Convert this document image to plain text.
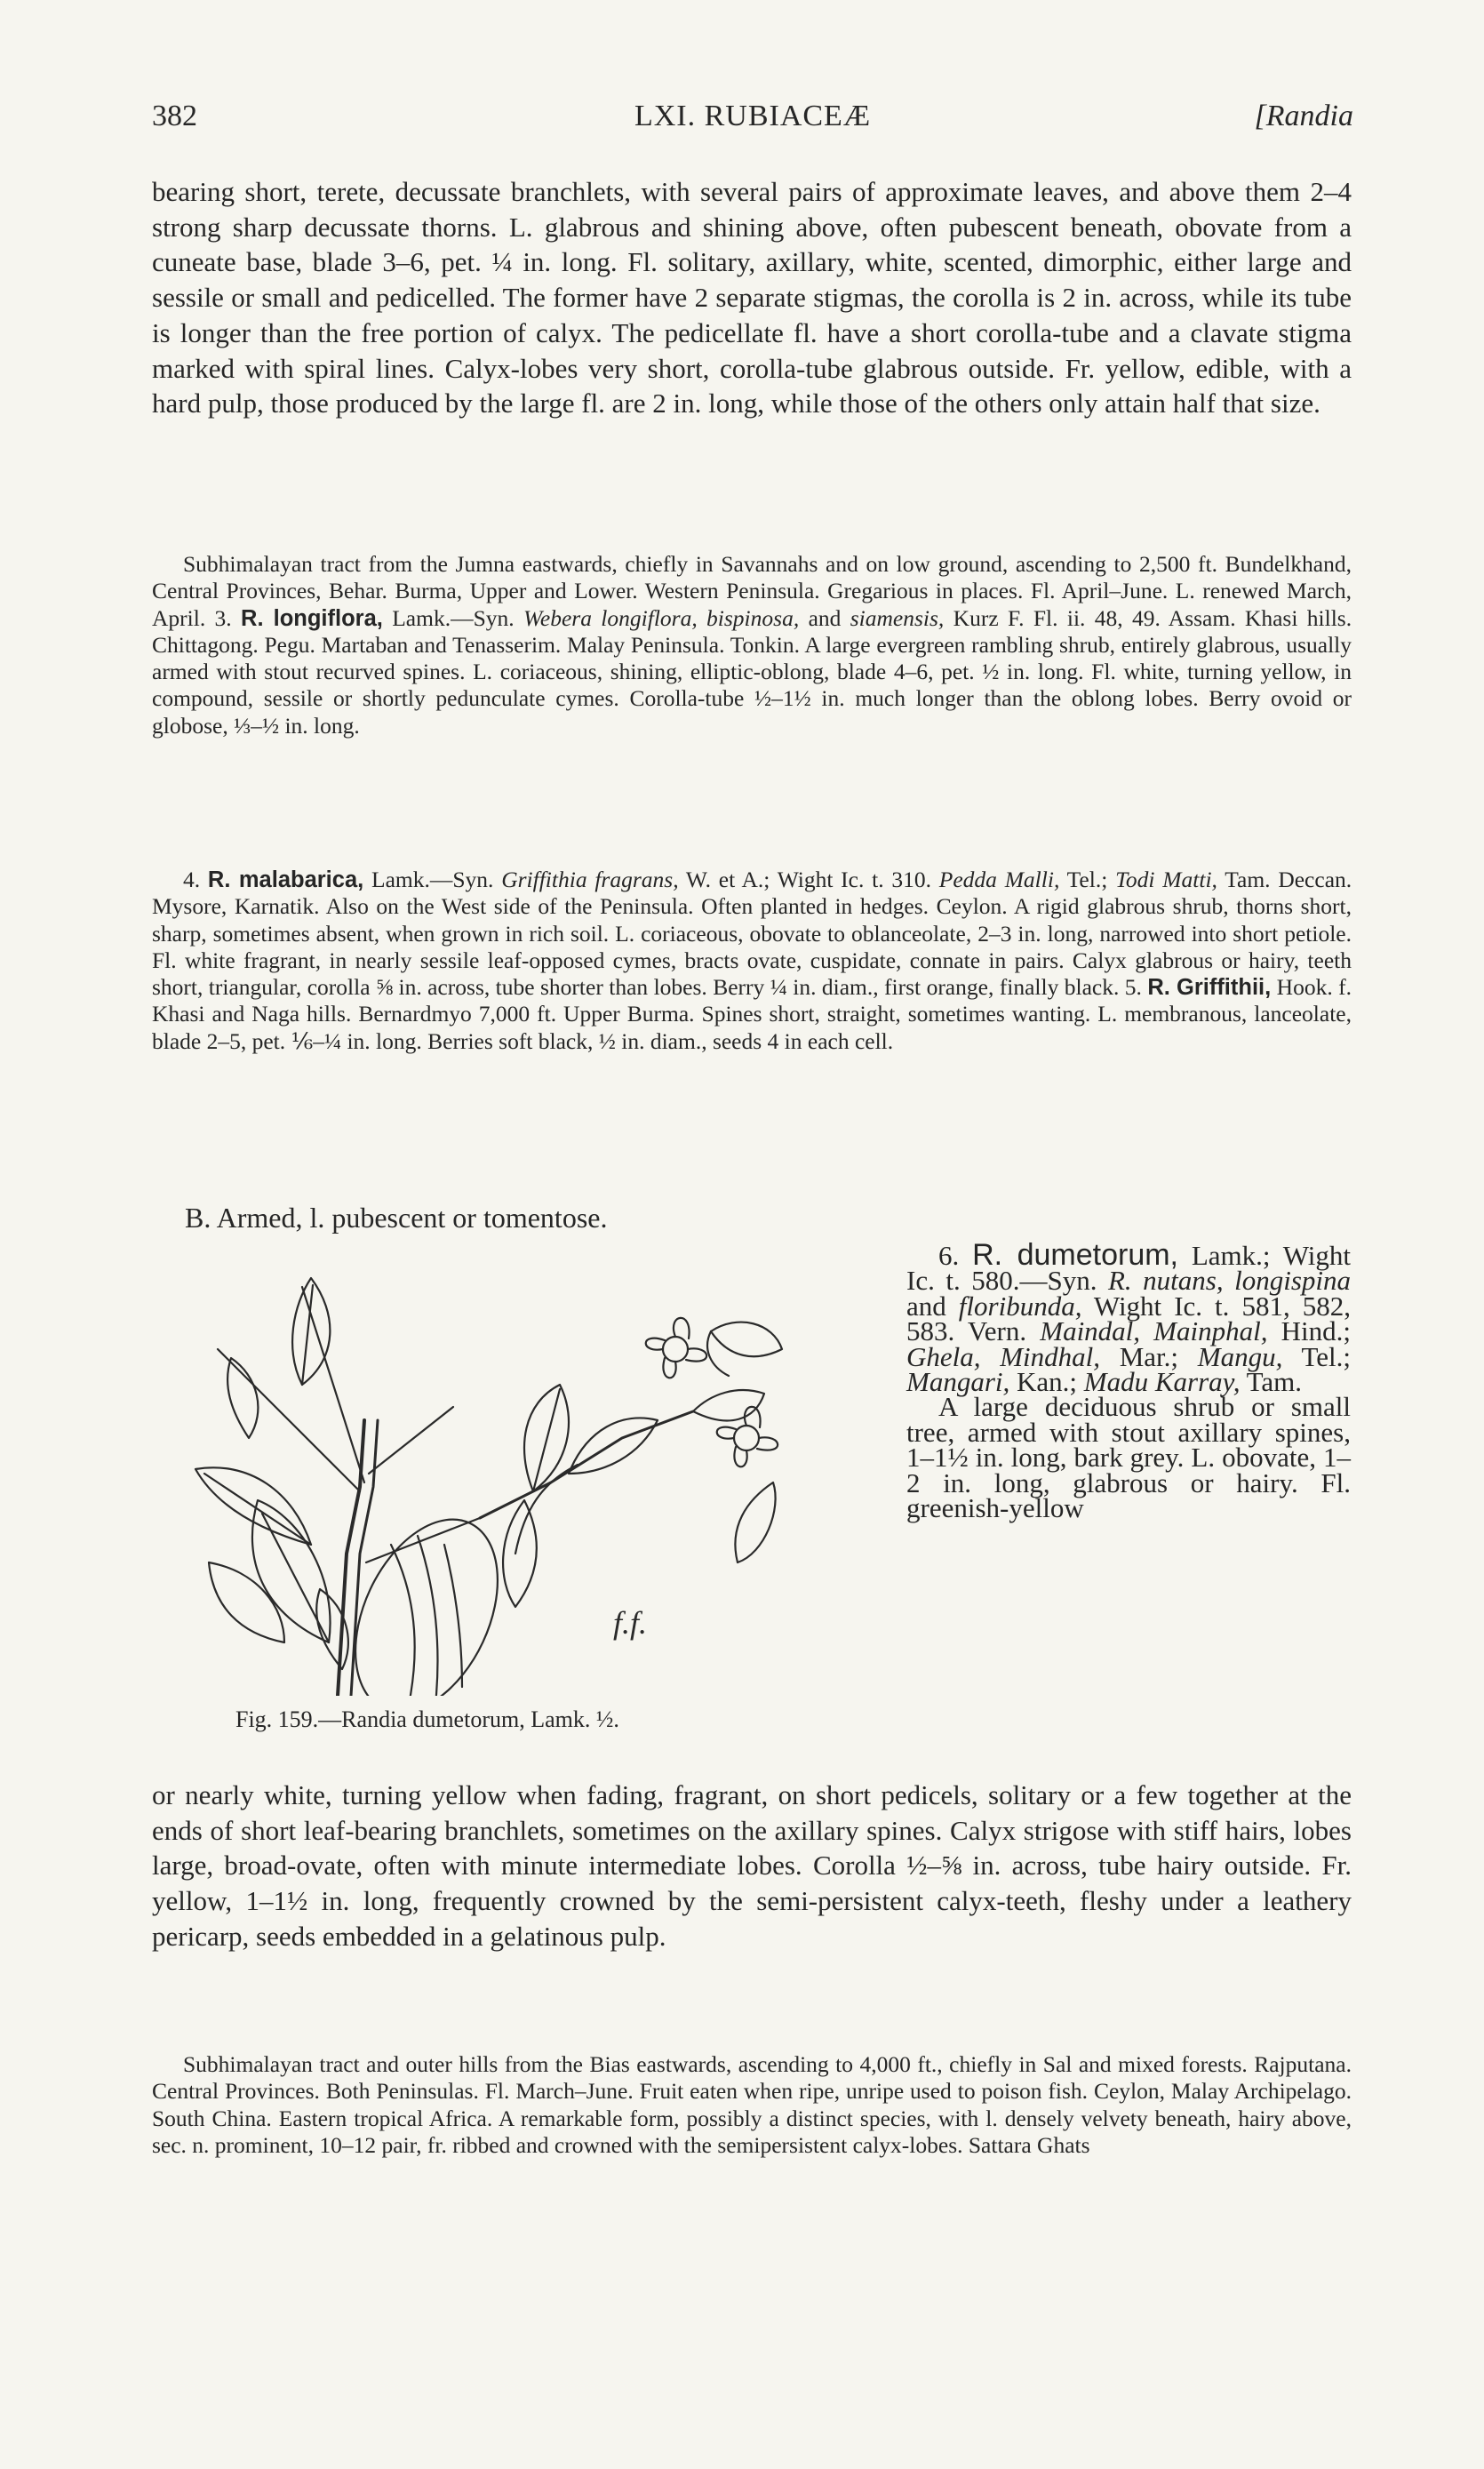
382	LXI. RUBIACEÆ	[Randia
bearing short, terete, decussate branchlets, with several pairs of approximate leaves, and above them 2–4 strong sharp decussate thorns. L. glabrous and shining above, often pubescent beneath, obovate from a cuneate base, blade 3–6, pet. ¼ in. long. Fl. solitary, axillary, white, scented, dimorphic, either large and sessile or small and pedicelled. The former have 2 separate stigmas, the corolla is 2 in. across, while its tube is longer than the free portion of calyx. The pedicellate fl. have a short corolla-tube and a clavate stigma marked with spiral lines. Calyx-lobes very short, corolla-tube glabrous outside. Fr. yellow, edible, with a hard pulp, those produced by the large fl. are 2 in. long, while those of the others only attain half that size.
Subhimalayan tract from the Jumna eastwards, chiefly in Savannahs and on low ground, ascending to 2,500 ft. Bundelkhand, Central Provinces, Behar. Burma, Upper and Lower. Western Peninsula. Gregarious in places. Fl. April–June. L. renewed March, April. 3. R. longiflora, Lamk.—Syn. Webera longiflora, bispinosa, and siamensis, Kurz F. Fl. ii. 48, 49. Assam. Khasi hills. Chittagong. Pegu. Martaban and Tenasserim. Malay Peninsula. Tonkin. A large evergreen rambling shrub, entirely glabrous, usually armed with stout recurved spines. L. coriaceous, shining, elliptic-oblong, blade 4–6, pet. ½ in. long. Fl. white, turning yellow, in compound, sessile or shortly pedunculate cymes. Corolla-tube ½–1½ in. much longer than the oblong lobes. Berry ovoid or globose, ⅓–½ in. long.
4. R. malabarica, Lamk.—Syn. Griffithia fragrans, W. et A.; Wight Ic. t. 310. Pedda Malli, Tel.; Todi Matti, Tam. Deccan. Mysore, Karnatik. Also on the West side of the Peninsula. Often planted in hedges. Ceylon. A rigid glabrous shrub, thorns short, sharp, sometimes absent, when grown in rich soil. L. coriaceous, obovate to oblanceolate, 2–3 in. long, narrowed into short petiole. Fl. white fragrant, in nearly sessile leaf-opposed cymes, bracts ovate, cuspidate, connate in pairs. Calyx glabrous or hairy, teeth short, triangular, corolla ⅝ in. across, tube shorter than lobes. Berry ¼ in. diam., first orange, finally black. 5. R. Griffithii, Hook. f. Khasi and Naga hills. Bernardmyo 7,000 ft. Upper Burma. Spines short, straight, sometimes wanting. L. membranous, lanceolate, blade 2–5, pet. ⅙–¼ in. long. Berries soft black, ½ in. diam., seeds 4 in each cell.
B. Armed, l. pubescent or tomentose.
6. R. dumetorum, Lamk.; Wight Ic. t. 580.—Syn. R. nutans, longispina and floribunda, Wight Ic. t. 581, 582, 583. Vern. Maindal, Mainphal, Hind.; Ghela, Mindhal, Mar.; Mangu, Tel.; Mangari, Kan.; Madu Karray, Tam.
A large deciduous shrub or small tree, armed with stout axillary spines, 1–1½ in. long, bark grey. L. obovate, 1–2 in. long, glabrous or hairy. Fl. greenish-yellow
f.f.
Fig. 159.—Randia dumetorum, Lamk. ½.
or nearly white, turning yellow when fading, fragrant, on short pedicels, solitary or a few together at the ends of short leaf-bearing branchlets, sometimes on the axillary spines. Calyx strigose with stiff hairs, lobes large, broad-ovate, often with minute intermediate lobes. Corolla ½–⅝ in. across, tube hairy outside. Fr. yellow, 1–1½ in. long, frequently crowned by the semi-persistent calyx-teeth, fleshy under a leathery pericarp, seeds embedded in a gelatinous pulp.
Subhimalayan tract and outer hills from the Bias eastwards, ascending to 4,000 ft., chiefly in Sal and mixed forests. Rajputana. Central Provinces. Both Peninsulas. Fl. March–June. Fruit eaten when ripe, unripe used to poison fish. Ceylon, Malay Archipelago. South China. Eastern tropical Africa. A remarkable form, possibly a distinct species, with l. densely velvety beneath, hairy above, sec. n. prominent, 10–12 pair, fr. ribbed and crowned with the semipersistent calyx-lobes. Sattara Ghats
